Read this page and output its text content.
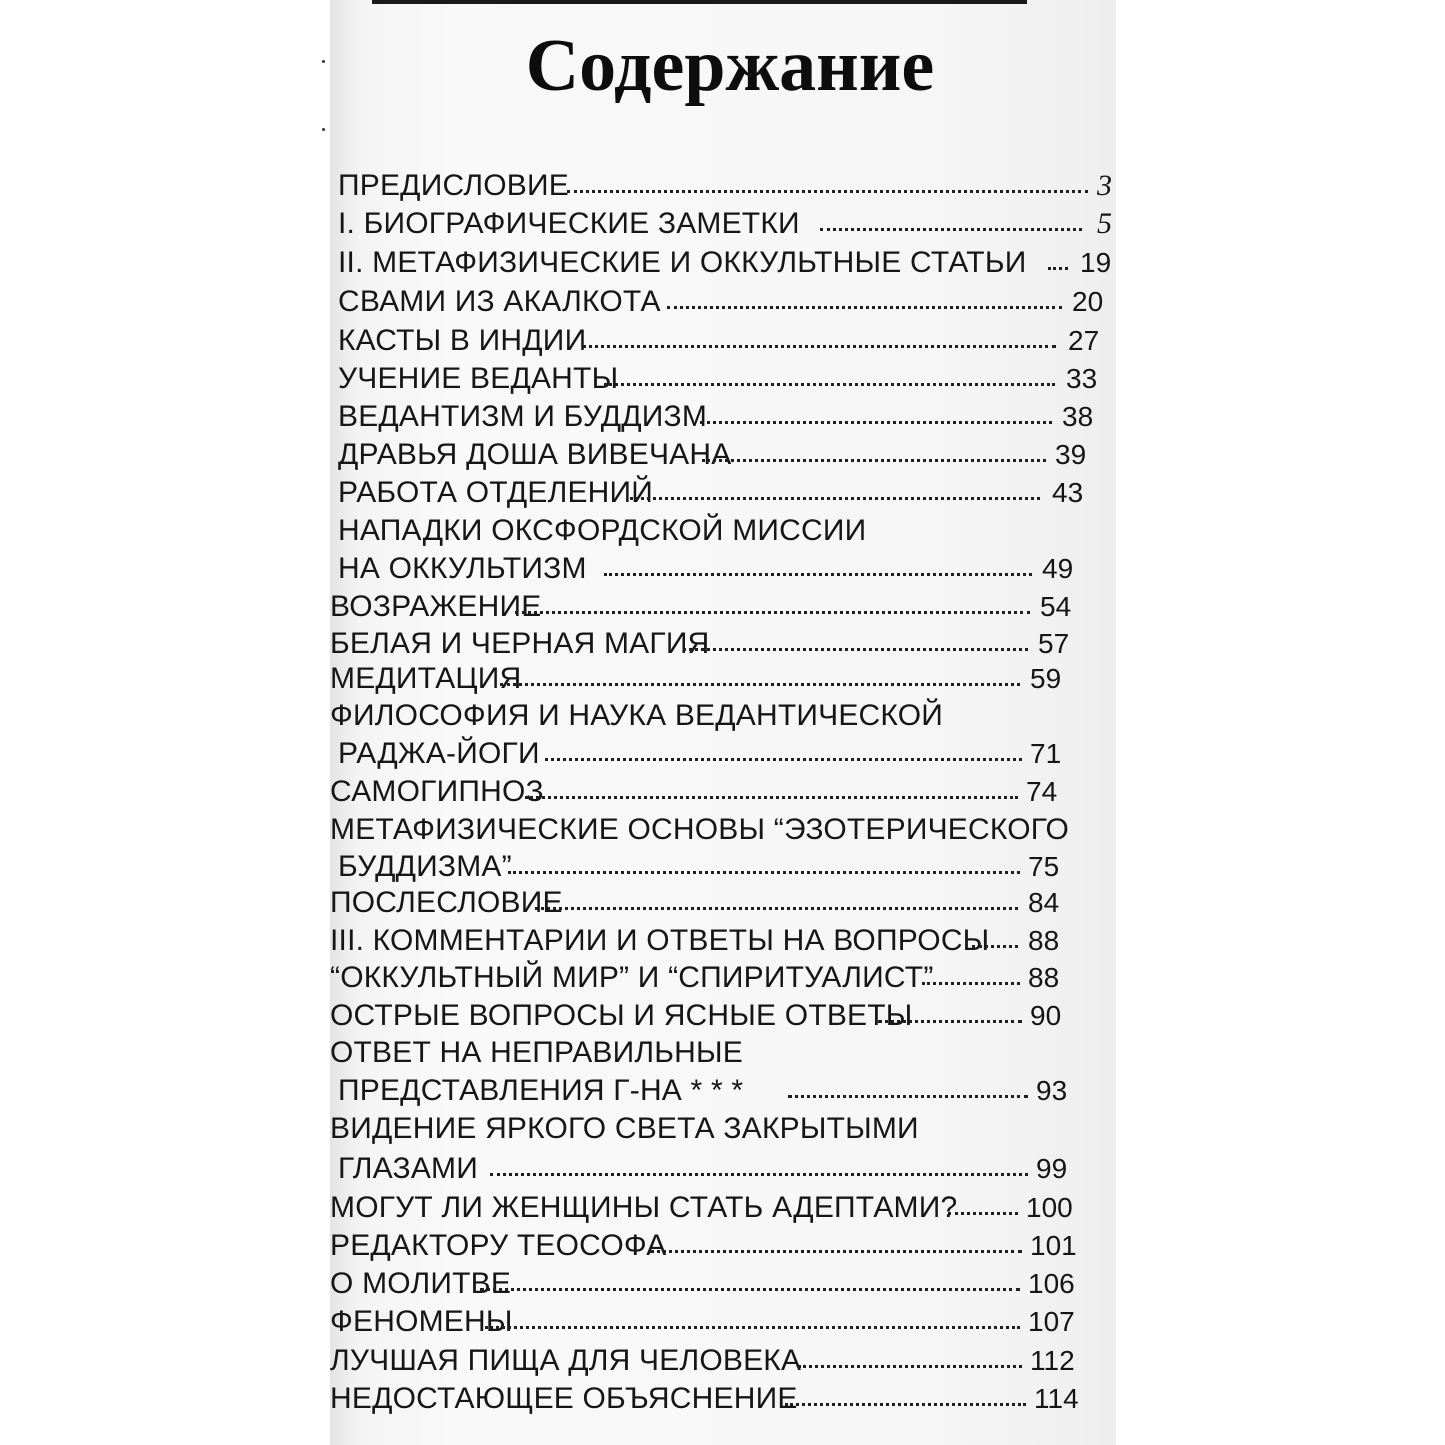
Содержание
ПРЕДИСЛОВИЕ	3
I. БИОГРАФИЧЕСКИЕ ЗАМЕТКИ	5
II. МЕТАФИЗИЧЕСКИЕ И ОККУЛЬТНЫЕ СТАТЬИ 19
СВАМИ ИЗ АКАЛКОТА	20
КАСТЫ В ИНДИИ	27
УЧЕНИЕ ВЕДАНТЫ	33
ВЕДАНТИЗМ И БУДДИЗМ	38
ДРАВЬЯ ДОША ВИВЕЧАНА	39
РАБОТА ОТДЕЛЕНИЙ	43
НАПАДКИ ОКСФОРДСКОЙ МИССИИ
НА ОККУЛЬТИЗМ	49
ВОЗРАЖЕНИЕ	54
БЕЛАЯ И ЧЕРНАЯ МАГИЯ	57
МЕДИТАЦИЯ	59
ФИЛОСОФИЯ И НАУКА ВЕДАНТИЧЕСКОЙ
РАДЖА-ЙОГИ	71
САМОГИПНОЗ	74
МЕТАФИЗИЧЕСКИЕ ОСНОВЫ “ЭЗОТЕРИЧЕСКОГО
БУДДИЗМА”	75
ПОСЛЕСЛОВИЕ	84
III. КОММЕНТАРИИ И ОТВЕТЫ НА ВОПРОСЫ 88
“ОККУЛЬТНЫЙ МИР” И “СПИРИТУАЛИСТ”	88
ОСТРЫЕ ВОПРОСЫ И ЯСНЫЕ ОТВЕТЫ	90
ОТВЕТ НА НЕПРАВИЛЬНЫЕ
ПРЕДСТАВЛЕНИЯ Г-НА * * *	93
ВИДЕНИЕ ЯРКОГО СВЕТА ЗАКРЫТЫМИ
ГЛАЗАМИ	99
МОГУТ ЛИ ЖЕНЩИНЫ СТАТЬ АДЕПТАМИ? 100
РЕДАКТОРУ ТЕОСОФА	101
О МОЛИТВЕ	106
ФЕНОМЕНЫ	107
ЛУЧШАЯ ПИЩА ДЛЯ ЧЕЛОВЕКА	112
НЕДОСТАЮЩЕЕ ОБЪЯСНЕНИЕ	114
